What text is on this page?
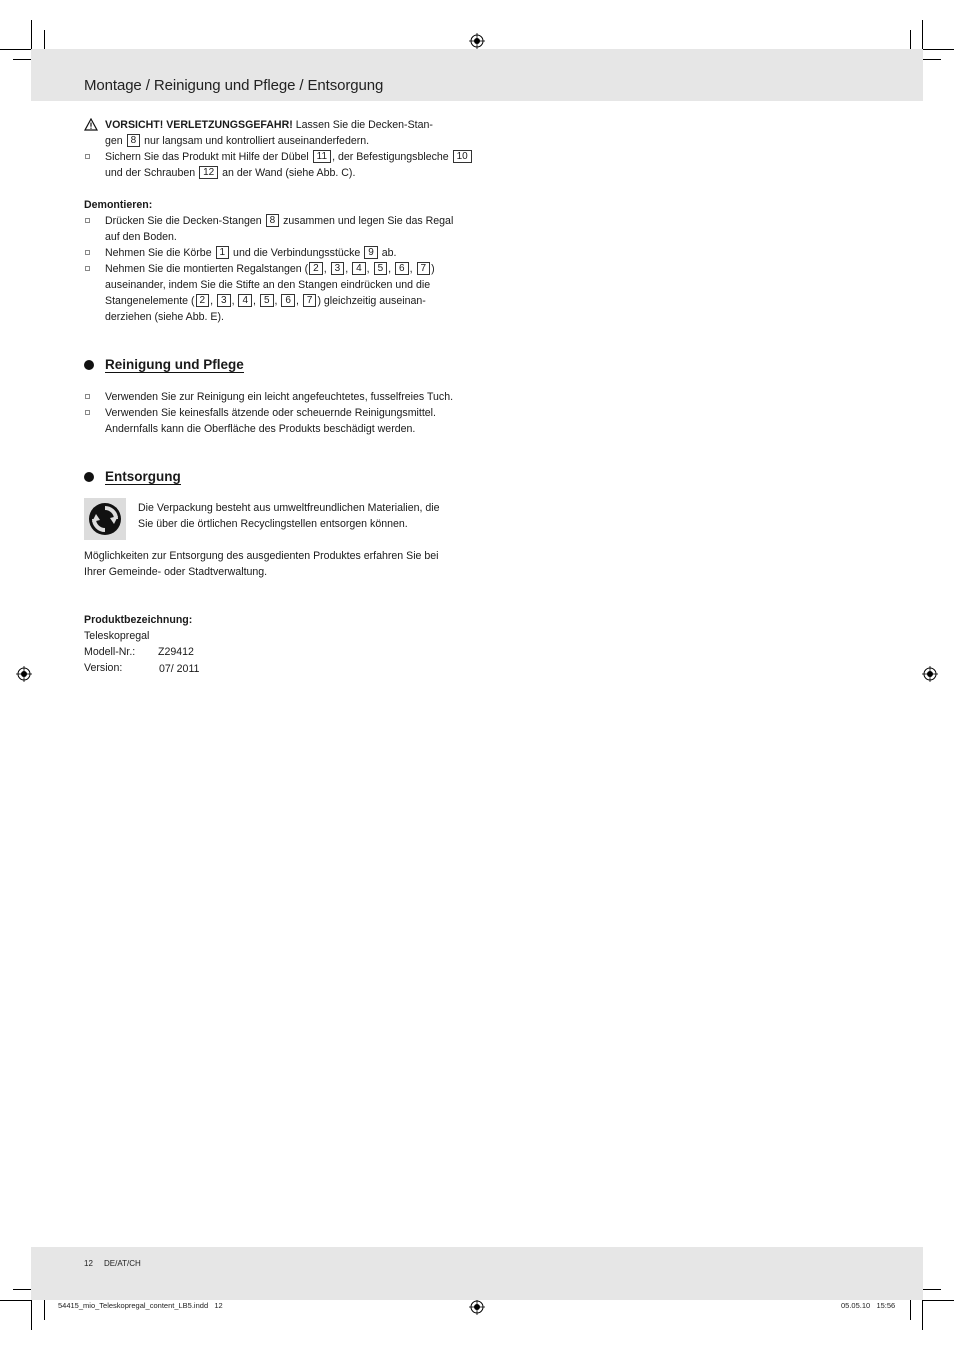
Montage / Reinigung und Pflege / Entsorgung
VORSICHT! VERLETZUNGSGEFAHR! Lassen Sie die Decken-Stan-
gen 8 nur langsam und kontrolliert auseinanderfedern.
Sichern Sie das Produkt mit Hilfe der Dübel 11 , der Befestigungsbleche 10
und der Schrauben 12 an der Wand (siehe Abb. C).
Demontieren:
Drücken Sie die Decken-Stangen 8 zusammen und legen Sie das Regal
auf den Boden.
Nehmen Sie die Körbe 1 und die Verbindungsstücke 9 ab.
Nehmen Sie die montierten Regalstangen ( 2 , 3 , 4 , 5 , 6 , 7 )
auseinander, indem Sie die Stifte an den Stangen eindrücken und die
Stangenelemente ( 2 , 3 , 4 , 5 , 6 , 7 ) gleichzeitig auseinan-
derziehen (siehe Abb. E).
Reinigung und Pflege
Verwenden Sie zur Reinigung ein leicht angefeuchtetes, fusselfreies Tuch.
Verwenden Sie keinesfalls ätzende oder scheuernde Reinigungsmittel.
Andernfalls kann die Oberfläche des Produkts beschädigt werden.
Entsorgung
Die Verpackung besteht aus umweltfreundlichen Materialien, die
Sie über die örtlichen Recyclingstellen entsorgen können.
Möglichkeiten zur Entsorgung des ausgedienten Produktes erfahren Sie bei
Ihrer Gemeinde- oder Stadtverwaltung.
Produktbezeichnung:
Teleskopregal
Modell-Nr.: Z29412
Version:	07/ 2011
12 DE/AT/CH
54415_mio_Teleskopregal_content_LB5.indd   12	05.05.10   15:56
